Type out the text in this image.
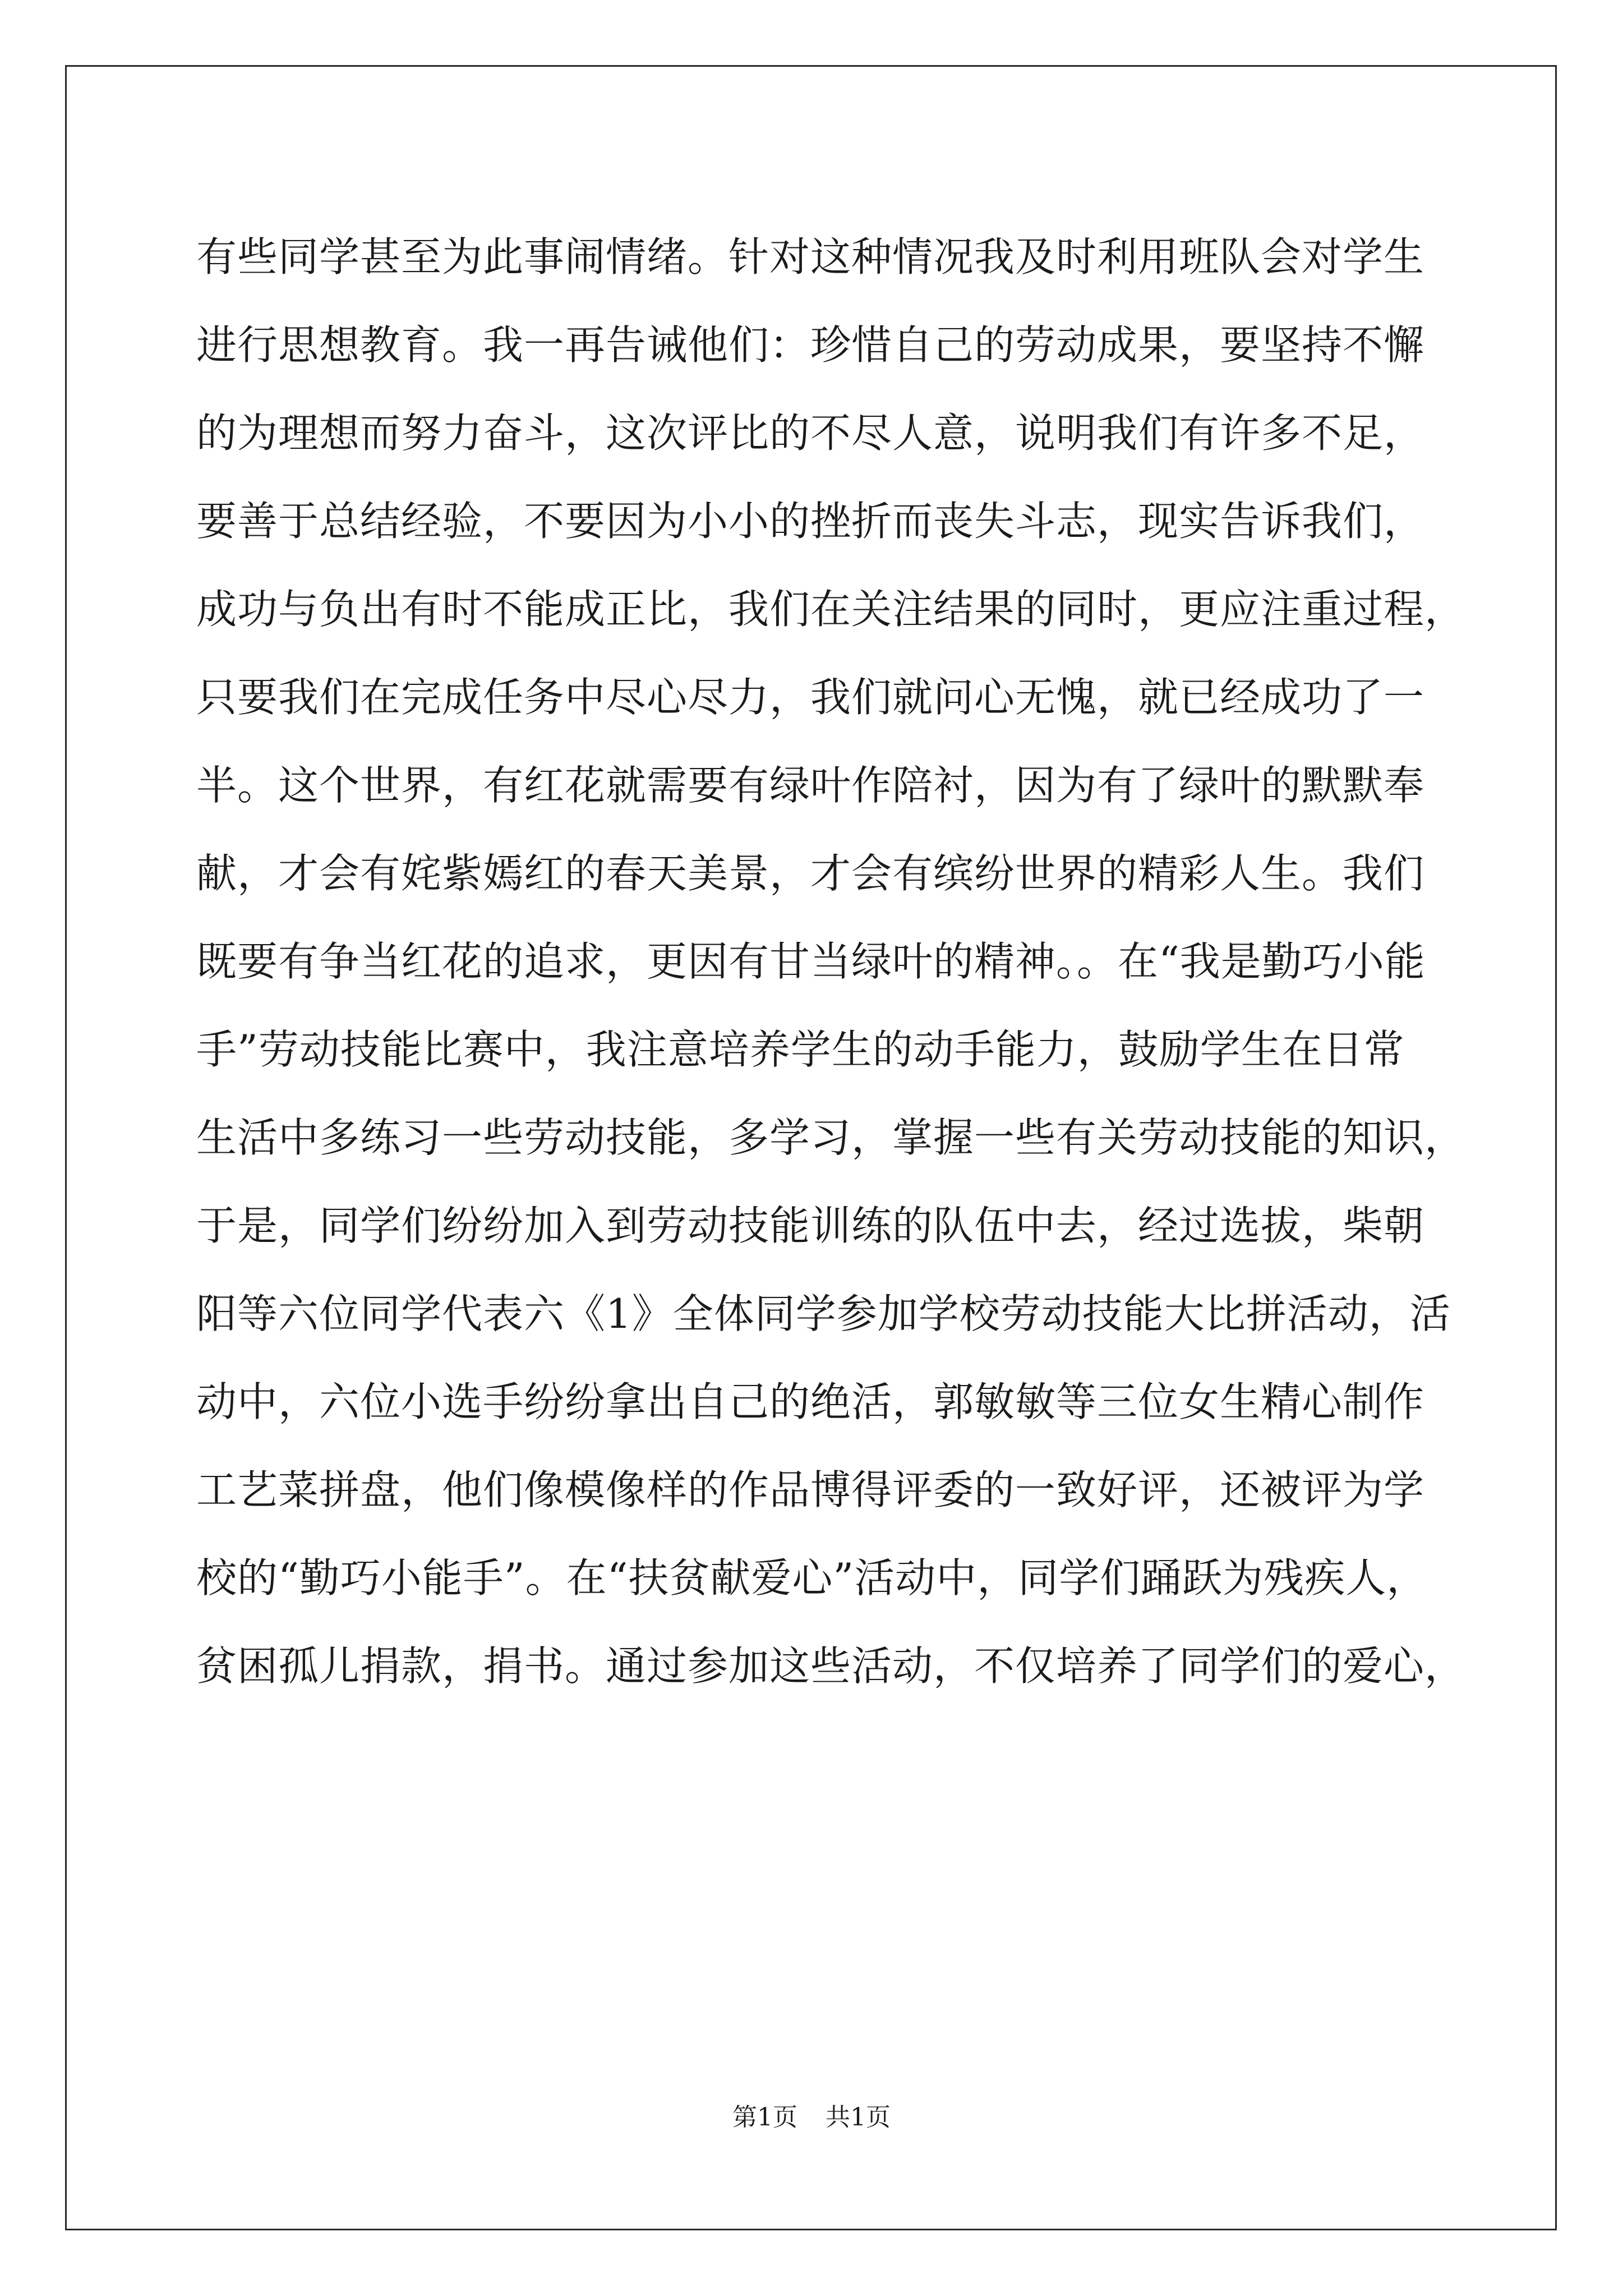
有些同学甚至为此事闹情绪。针对这种情况我及时利用班队会对学生
进行思想教育。我一再告诫他们：珍惜自己的劳动成果，要坚持不懈
的为理想而努力奋斗，这次评比的不尽人意，说明我们有许多不足，
要善于总结经验，不要因为小小的挫折而丧失斗志，现实告诉我们，
成功与负出有时不能成正比，我们在关注结果的同时，更应注重过程，
只要我们在完成任务中尽心尽力，我们就问心无愧，就已经成功了一
半。这个世界，有红花就需要有绿叶作陪衬，因为有了绿叶的默默奉
献，才会有姹紫嫣红的春天美景，才会有缤纷世界的精彩人生。我们
既要有争当红花的追求，更因有甘当绿叶的精神。。在“我是勤巧小能
手”劳动技能比赛中，我注意培养学生的动手能力，鼓励学生在日常
生活中多练习一些劳动技能，多学习，掌握一些有关劳动技能的知识，
于是，同学们纷纷加入到劳动技能训练的队伍中去，经过选拔，柴朝
阳等六位同学代表六《1》全体同学参加学校劳动技能大比拼活动，活
动中，六位小选手纷纷拿出自己的绝活，郭敏敏等三位女生精心制作
工艺菜拼盘，他们像模像样的作品博得评委的一致好评，还被评为学
校的“勤巧小能手”。在“扶贫献爱心”活动中，同学们踊跃为残疾人，
贫困孤儿捐款，捐书。通过参加这些活动，不仅培养了同学们的爱心，
第1页 共1页
